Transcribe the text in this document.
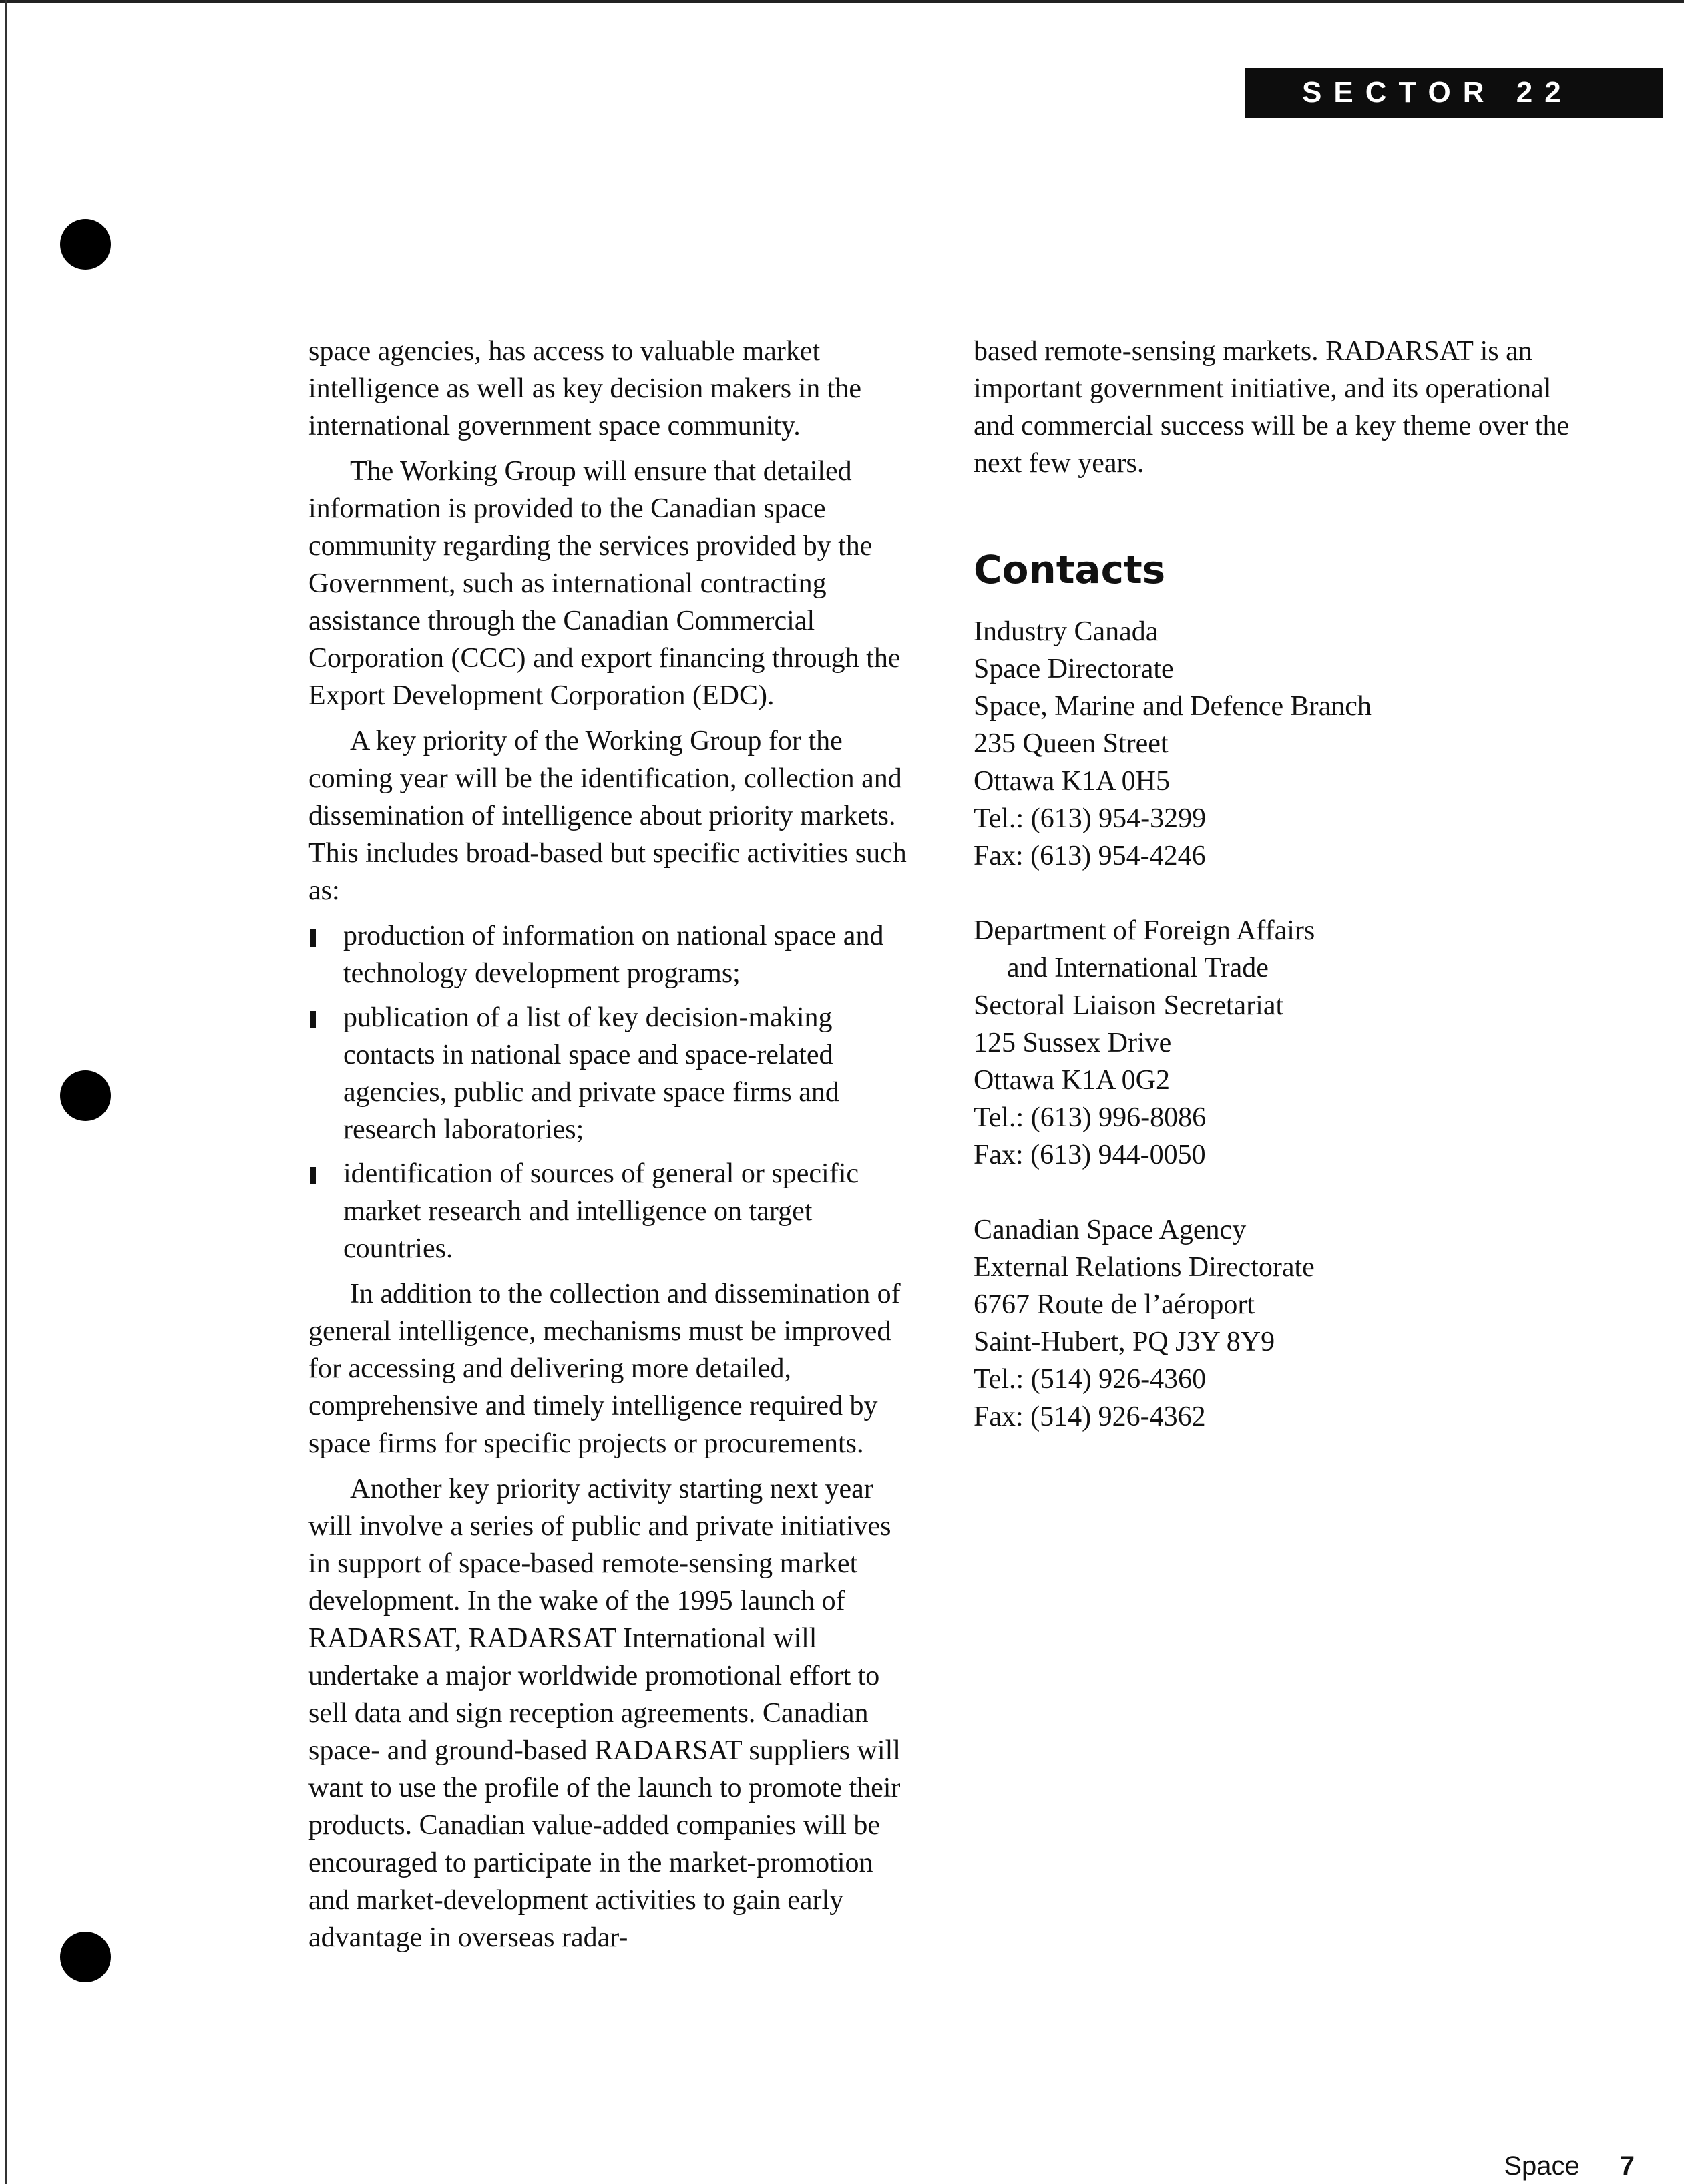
SECTOR 22

space agencies, has access to valuable market intelligence as well as key decision makers in the international government space community.

The Working Group will ensure that detailed information is provided to the Canadian space community regarding the services provided by the Government, such as international contracting assistance through the Canadian Commercial Corporation (CCC) and export financing through the Export Development Corporation (EDC).

A key priority of the Working Group for the coming year will be the identification, collection and dissemination of intelligence about priority markets. This includes broad-based but specific activities such as:

production of information on national space and technology development programs;
publication of a list of key decision-making contacts in national space and space-related agencies, public and private space firms and research laboratories;
identification of sources of general or specific market research and intelligence on target countries.

In addition to the collection and dissemination of general intelligence, mechanisms must be improved for accessing and delivering more detailed, comprehensive and timely intelligence required by space firms for specific projects or procurements.

Another key priority activity starting next year will involve a series of public and private initiatives in support of space-based remote-sensing market development. In the wake of the 1995 launch of RADARSAT, RADARSAT International will undertake a major worldwide promotional effort to sell data and sign reception agreements. Canadian space- and ground-based RADARSAT suppliers will want to use the profile of the launch to promote their products. Canadian value-added companies will be encouraged to participate in the market-promotion and market-development activities to gain early advantage in overseas radar-

based remote-sensing markets. RADARSAT is an important government initiative, and its operational and commercial success will be a key theme over the next few years.

Contacts
Industry Canada
Space Directorate
Space, Marine and Defence Branch
235 Queen Street
Ottawa K1A 0H5
Tel.: (613) 954-3299
Fax: (613) 954-4246
Department of Foreign Affairs
and International Trade
Sectoral Liaison Secretariat
125 Sussex Drive
Ottawa K1A 0G2
Tel.: (613) 996-8086
Fax: (613) 944-0050
Canadian Space Agency
External Relations Directorate
6767 Route de l’aéroport
Saint-Hubert, PQ J3Y 8Y9
Tel.: (514) 926-4360
Fax: (514) 926-4362
Space 7
